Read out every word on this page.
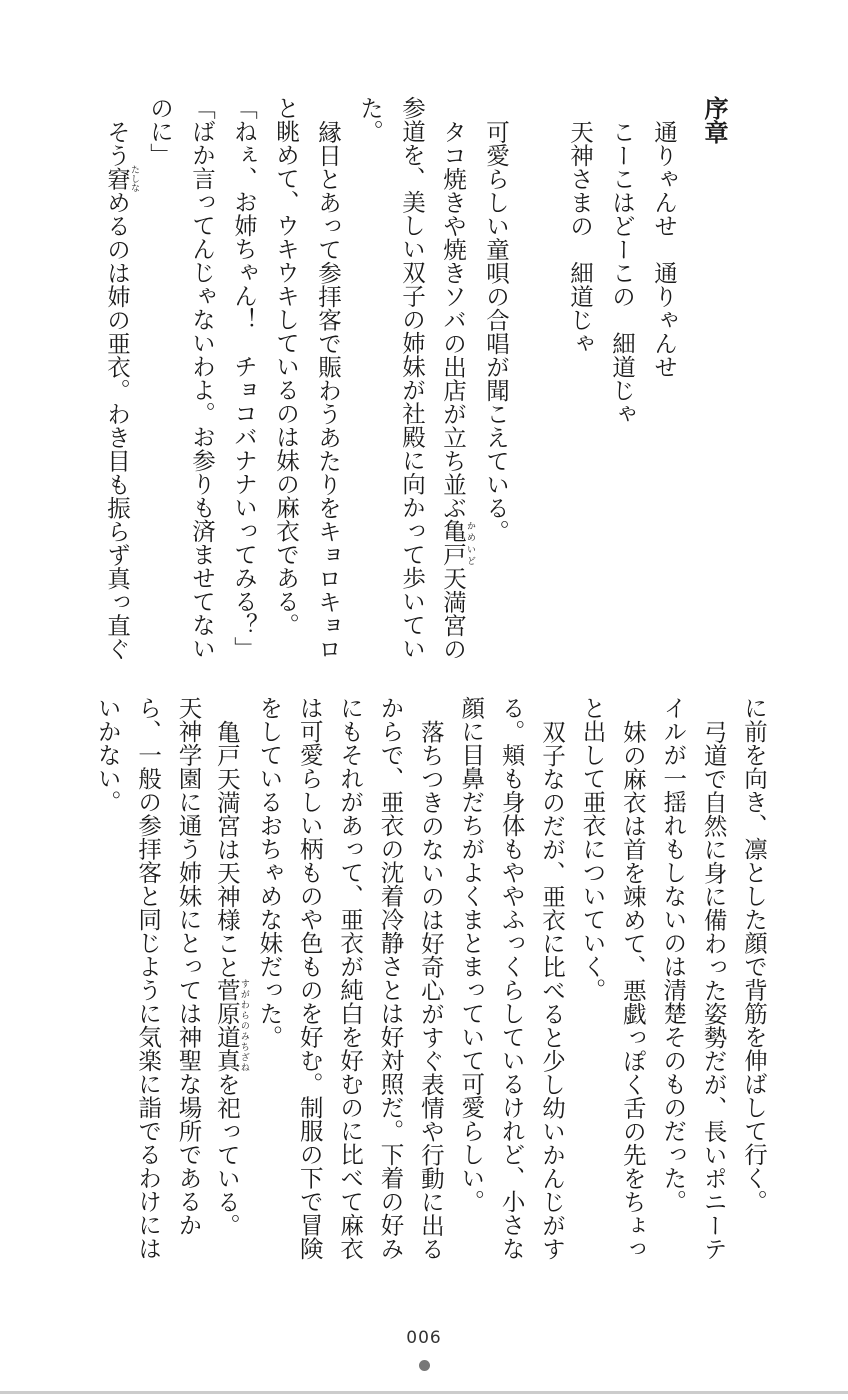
序章
通りゃんせ　通りゃんせ
こーこはどーこの　細道じゃ
天神さまの　細道じゃ
可愛らしい童唄の合唱が聞こえている。
タコ焼きや焼きソバの出店が立ち並ぶ亀戸かめいど天満宮の
参道を、美しい双子の姉妹が社殿に向かって歩いてい
た。
縁日とあって参拝客で賑わうあたりをキョロキョロ
と眺めて、ウキウキしているのは妹の麻衣である。
「ねぇ、お姉ちゃん！　チョコバナナいってみる？」
「ばか言ってんじゃないわよ。お参りも済ませてない
のに」
そう窘たしなめるのは姉の亜衣。わき目も振らず真っ直ぐ
に前を向き、凛とした顔で背筋を伸ばして行く。
弓道で自然に身に備わった姿勢だが、長いポニーテ
イルが一揺れもしないのは清楚そのものだった。
妹の麻衣は首を竦めて、悪戯っぽく舌の先をちょっ
と出して亜衣についていく。
双子なのだが、亜衣に比べると少し幼いかんじがす
る。頬も身体もややふっくらしているけれど、小さな
顔に目鼻だちがよくまとまっていて可愛らしい。
落ちつきのないのは好奇心がすぐ表情や行動に出る
からで、亜衣の沈着冷静さとは好対照だ。下着の好み
にもそれがあって、亜衣が純白を好むのに比べて麻衣
は可愛らしい柄ものや色ものを好む。制服の下で冒険
をしているおちゃめな妹だった。
亀戸天満宮は天神様こと菅原道真すがわらのみちざねを祀っている。
天神学園に通う姉妹にとっては神聖な場所であるか
ら、一般の参拝客と同じように気楽に詣でるわけには
いかない。
006
